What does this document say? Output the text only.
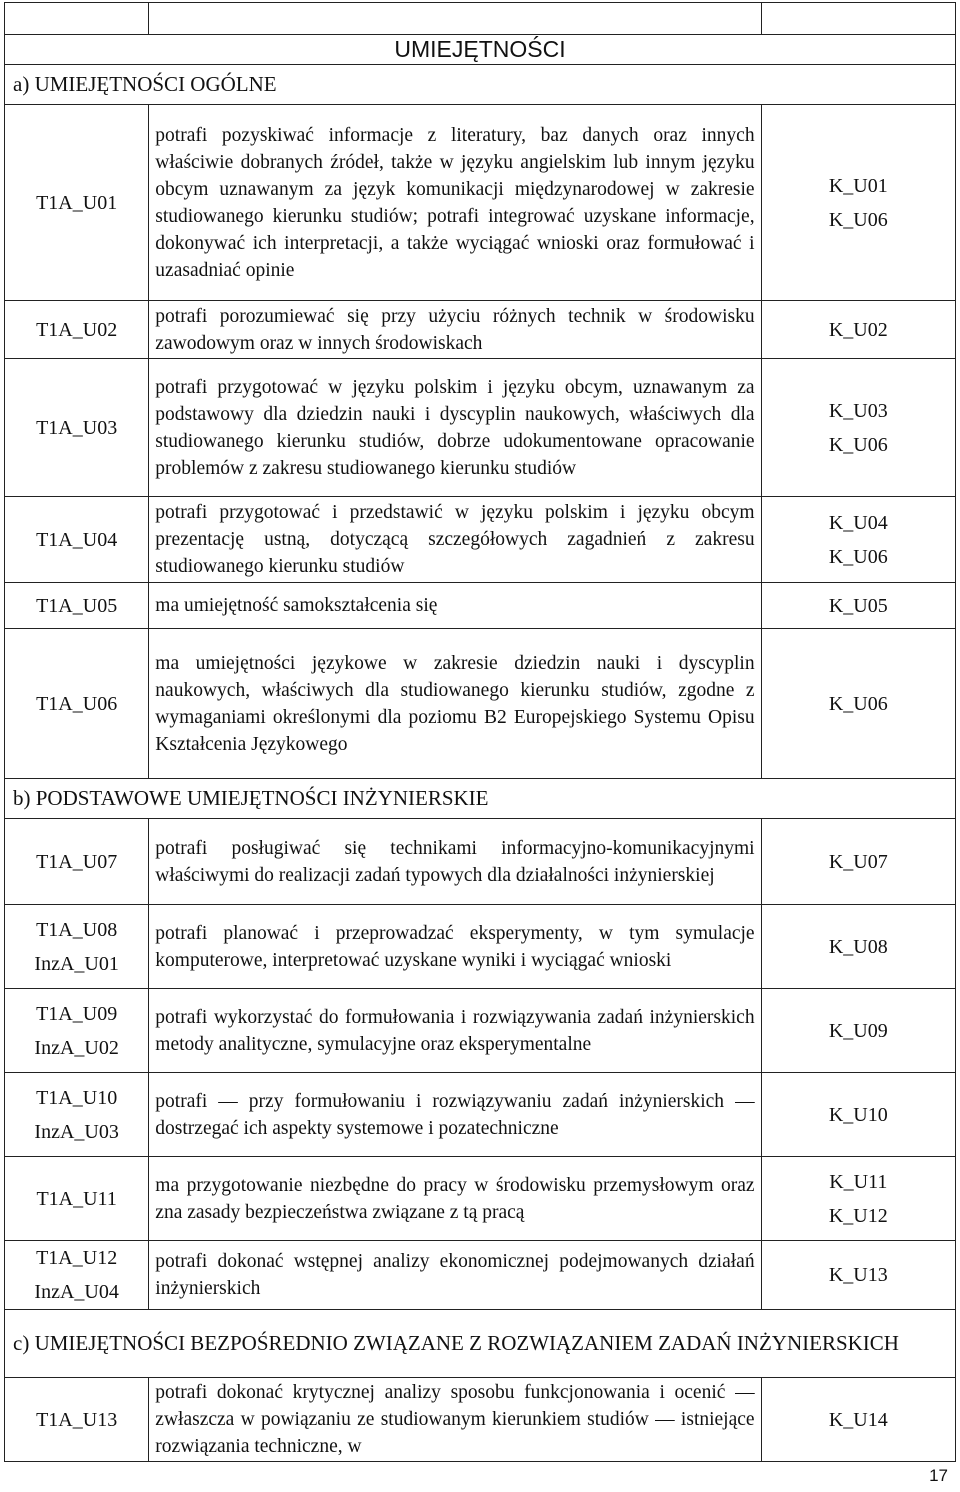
UMIEJĘTNOŚCI		
a) UMIEJĘTNOŚCI OGÓLNE		

T1A_U01	potrafi pozyskiwać informacje z literatury, baz danych oraz innych właściwie dobranych źródeł, także w języku angielskim lub innym języku obcym uznawanym za język komunikacji międzynarodowej w zakresie studiowanego kierunku studiów; potrafi integrować uzyskane informacje, dokonywać ich interpretacji, a także wyciągać wnioski oraz formułować i uzasadniać opinie	K_U01
K_U06

T1A_U02	potrafi porozumiewać się przy użyciu różnych technik w środowisku zawodowym oraz w innych środowiskach	K_U02

T1A_U03	potrafi przygotować w języku polskim i języku obcym, uznawanym za podstawowy dla dziedzin nauki i dyscyplin naukowych, właściwych dla studiowanego kierunku studiów, dobrze udokumentowane opracowanie problemów z zakresu studiowanego kierunku studiów	K_U03
K_U06

T1A_U04	potrafi przygotować i przedstawić w języku polskim i języku obcym prezentację ustną, dotyczącą szczegółowych zagadnień z zakresu studiowanego kierunku studiów	K_U04
K_U06

T1A_U05	ma umiejętność samokształcenia się	K_U05

T1A_U06	ma umiejętności językowe w zakresie dziedzin nauki i dyscyplin naukowych, właściwych dla studiowanego kierunku studiów, zgodne z wymaganiami określonymi dla poziomu B2 Europejskiego Systemu Opisu Kształcenia Językowego	K_U06

b) PODSTAWOWE UMIEJĘTNOŚCI INŻYNIERSKIE		

T1A_U07	potrafi posługiwać się technikami informacyjno-komunikacyjnymi właściwymi do realizacji zadań typowych dla działalności inżynierskiej	K_U07

T1A_U08
InzA_U01	potrafi planować i przeprowadzać eksperymenty, w tym symulacje komputerowe, interpretować uzyskane wyniki i wyciągać wnioski	K_U08

T1A_U09
InzA_U02	potrafi wykorzystać do formułowania i rozwiązywania zadań inżynierskich metody analityczne, symulacyjne oraz eksperymentalne	K_U09

T1A_U10
InzA_U03	potrafi — przy formułowaniu i rozwiązywaniu zadań inżynierskich — dostrzegać ich aspekty systemowe i pozatechniczne	K_U10

T1A_U11	ma przygotowanie niezbędne do pracy w środowisku przemysłowym oraz zna zasady bezpieczeństwa związane z tą pracą	K_U11
K_U12

T1A_U12
InzA_U04	potrafi dokonać wstępnej analizy ekonomicznej podejmowanych działań inżynierskich	K_U13

c) UMIEJĘTNOŚCI BEZPOŚREDNIO ZWIĄZANE Z ROZWIĄZANIEM ZADAŃ INŻYNIERSKICH		

T1A_U13	potrafi dokonać krytycznej analizy sposobu funkcjonowania i ocenić — zwłaszcza w powiązaniu ze studiowanym kierunkiem studiów — istniejące rozwiązania techniczne, w	K_U14
17
